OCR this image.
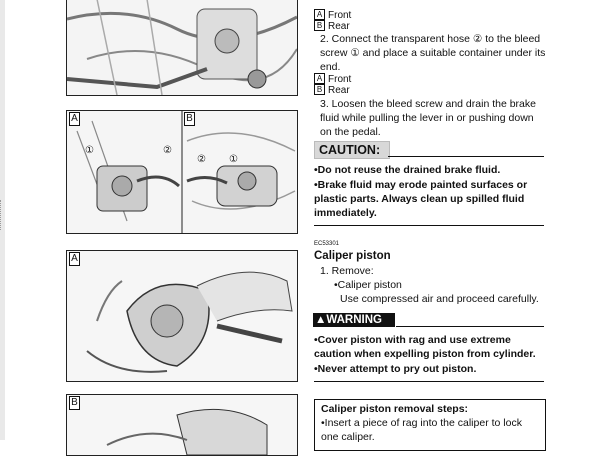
A	B
①	②
② ①
A
B
A Front
B Rear
2. Connect the transparent hose ② to the bleed screw ① and place a suitable container under its end.
A Front
B Rear
3. Loosen the bleed screw and drain the brake fluid while pulling the lever in or pushing down on the pedal.
CAUTION:
•Do not reuse the drained brake fluid.
•Brake fluid may erode painted surfaces or plastic parts. Always clean up spilled fluid immediately.
EC53301
Caliper piston
1. Remove:
•Caliper piston
Use compressed air and proceed carefully.
▲WARNING
•Cover piston with rag and use extreme caution when expelling piston from cylinder.
•Never attempt to pry out piston.
Caliper piston removal steps:
•Insert a piece of rag into the caliper to lock one caliper.
